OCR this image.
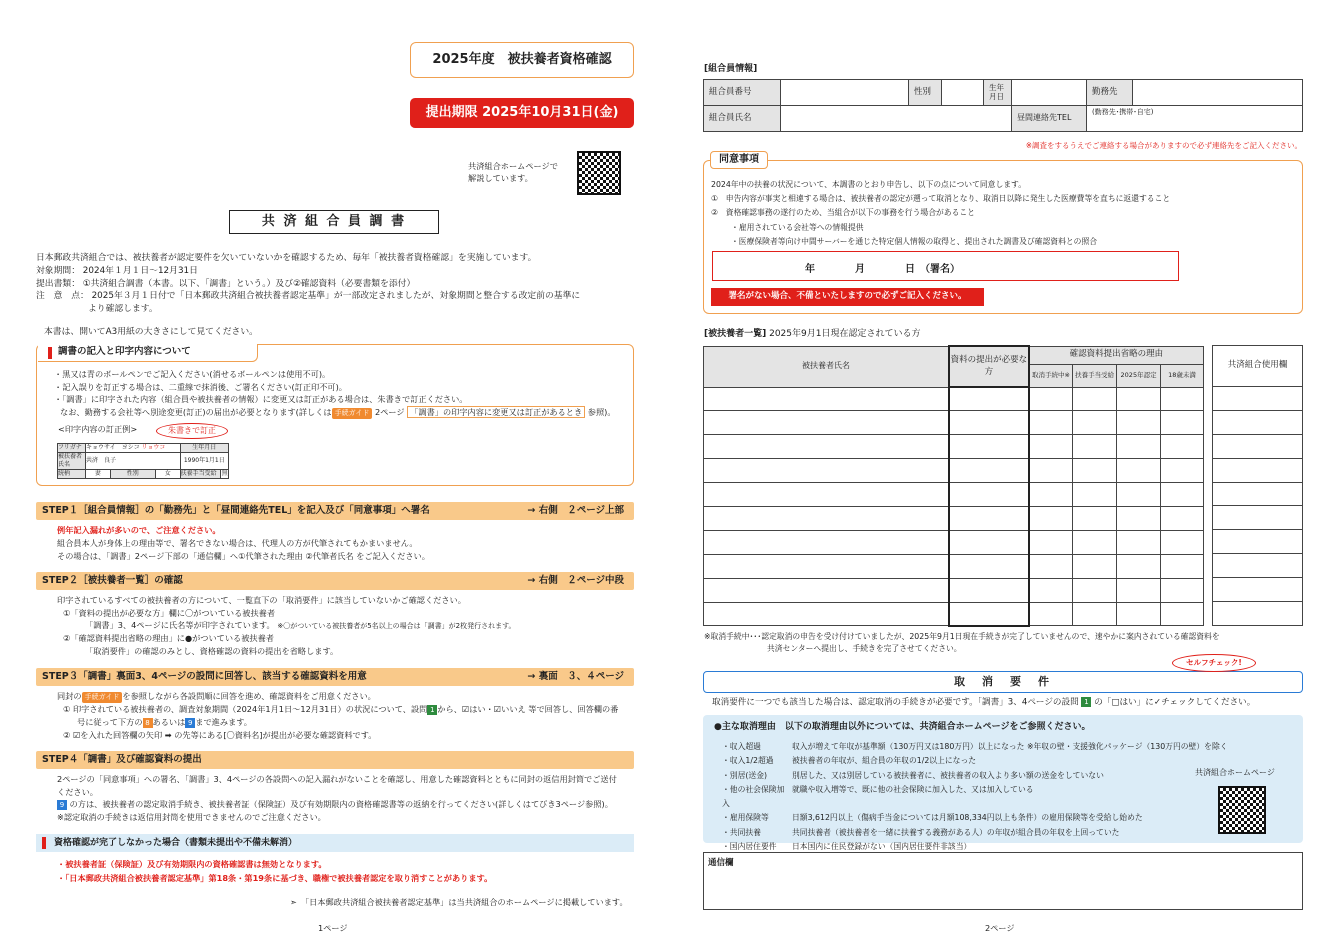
2025年度　被扶養者資格確認
提出期限 2025年10月31日(金)
共済組合ホームページで
解説しています。
共 済 組 合 員 調 書
日本郵政共済組合では、被扶養者が認定要件を欠いていないかを確認するため、毎年「被扶養者資格確認」を実施しています。
対象期間： 2024年１月１日～12月31日
提出書類： ①共済組合調書（本書。以下、「調書」という。）及び②確認資料（必要書類を添付）
注　意　点： 2025年３月１日付で「日本郵政共済組合被扶養者認定基準」が一部改定されましたが、対象期間と整合する改定前の基準に
より確認します。
本書は、開いてA3用紙の大きさにして見てください。
調書の記入と印字内容について
・黒又は青のボールペンでご記入ください(消せるボールペンは使用不可)。
・記入誤りを訂正する場合は、二重線で抹消後、ご署名ください(訂正印不可)。
・「調書」に印字された内容（組合員や被扶養者の情報）に変更又は訂正がある場合は、朱書きで訂正ください。
なお、勤務する会社等へ別途変更(訂正)の届出が必要となります(詳しくは 手続ガイド 2ページ 「調書」の印字内容に変更又は訂正があるとき 参照)。
<印字内容の訂正例>	朱書きで訂正
フリガナ	キョウサイ　ヨシコ リョウコ			生年月日	
被扶養者氏名	共済　良子			1990年1月1日	
続柄	妻	性別	女	扶養手当受給	無
STEP１［組合員情報］の「勤務先」と「昼間連絡先TEL」を記入及び「同意事項」へ署名	→ 右側　２ページ上部
例年記入漏れが多いので、ご注意ください。
組合員本人が身体上の理由等で、署名できない場合は、代理人の方が代筆されてもかまいません。
その場合は、「調書」2ページ下部の「通信欄」へ①代筆された理由 ②代筆者氏名 をご記入ください。
STEP２［被扶養者一覧］の確認	→ 右側　２ページ中段
印字されているすべての被扶養者の方について、一覧直下の「取消要件」に該当していないかご確認ください。
①「資料の提出が必要な方」欄に〇がついている被扶養者
「調書」3、4ページに氏名等が印字されています。 ※〇がついている被扶養者が5名以上の場合は「調書」が2枚発行されます。
②「確認資料提出省略の理由」に●がついている被扶養者
「取消要件」の確認のみとし、資格確認の資料の提出を省略します。
STEP３「調書」裏面3、4ページの設問に回答し、該当する確認資料を用意	→ 裏面　３、４ページ
同封の 手続ガイド を参照しながら各設問順に回答を進め、確認資料をご用意ください。
① 印字されている被扶養者の、調査対象期間（2024年1月1日～12月31日）の状況について、設問 1 から、☑はい・☑いいえ 等で回答し、回答欄の番
号に従って下方の 8 あるいは 9 まで進みます。
② ☑を入れた回答欄の矢印 ➡ の先等にある[〇資料名]が提出が必要な確認資料です。
STEP４「調書」及び確認資料の提出
2ページの「同意事項」への署名、「調書」3、4ページの各設問への記入漏れがないことを確認し、用意した確認資料とともに同封の返信用封筒でご送付
ください。
9 の方は、被扶養者の認定取消手続き、被扶養者証（保険証）及び有効期限内の資格確認書等の返納を行ってください(詳しくはてびき3ページ参照)。
※認定取消の手続きは返信用封筒を使用できませんのでご注意ください。
資格確認が完了しなかった場合（書類未提出や不備未解消）
・被扶養者証（保険証）及び有効期限内の資格確認書は無効となります。
・「日本郵政共済組合被扶養者認定基準」第18条・第19条に基づき、職権で被扶養者認定を取り消すことがあります。
➣　「日本郵政共済組合被扶養者認定基準」は当共済組合のホームページに掲載しています。
1ページ
[組合員情報]
組合員番号		性別		生年月日		勤務先	
組合員氏名					昼間連絡先TEL	(勤務先･携帯･自宅)	
※調査をするうえでご連絡する場合がありますので必ず連絡先をご記入ください。
同意事項
2024年中の扶養の状況について、本調書のとおり申告し、以下の点について同意します。
①　申告内容が事実と相違する場合は、被扶養者の認定が遡って取消となり、取消日以降に発生した医療費等を直ちに返還すること
②　資格確認事務の遂行のため、当組合が以下の事務を行う場合があること
・雇用されている会社等への情報提供
・医療保険者等向け中間サーバーを通じた特定個人情報の取得と、提出された調書及び確認資料との照合
年　　　　月　　　　日　（署名）
署名がない場合、不備といたしますので必ずご記入ください。
[被扶養者一覧] 2025年9月1日現在認定されている方
被扶養者氏名	資料の提出が必要な方	確認資料提出省略の理由			
		取消手続中※	扶養手当受給	2025年認定	18歳未満

共済組合使用欄

※取消手続中･･･認定取消の申告を受け付けていましたが、2025年9月1日現在手続きが完了していませんので、速やかに案内されている確認資料を
共済センターへ提出し、手続きを完了させてください。
取　消　要　件
セルフチェック!
取消要件に一つでも該当した場合は、認定取消の手続きが必要です。「調書」3、4ページの設問 1 の「□はい」に✓チェックしてください。
●主な取消理由　以下の取消理由以外については、共済組合ホームページをご参照ください。
・収入超過	収入が増えて年収が基準額（130万円又は180万円）以上になった ※年収の壁・支援強化パッケージ（130万円の壁）を除く
・収入1/2超過	被扶養者の年収が、組合員の年収の1/2以上になった
・別居(送金)	別居した、又は別居している被扶養者に、被扶養者の収入より多い額の送金をしていない
・他の社会保険加入
就職や収入増等で、既に他の社会保険に加入した、又は加入している
・雇用保険等	日額3,612円以上（傷病手当金については月額108,334円以上も条件）の雇用保険等を受給し始めた
・共同扶養	共同扶養者（被扶養者を一緒に扶養する義務がある人）の年収が組合員の年収を上回っていた
・国内居住要件	日本国内に住民登録がない（国内居住要件非該当）
共済組合ホームページ
通信欄
2ページ
